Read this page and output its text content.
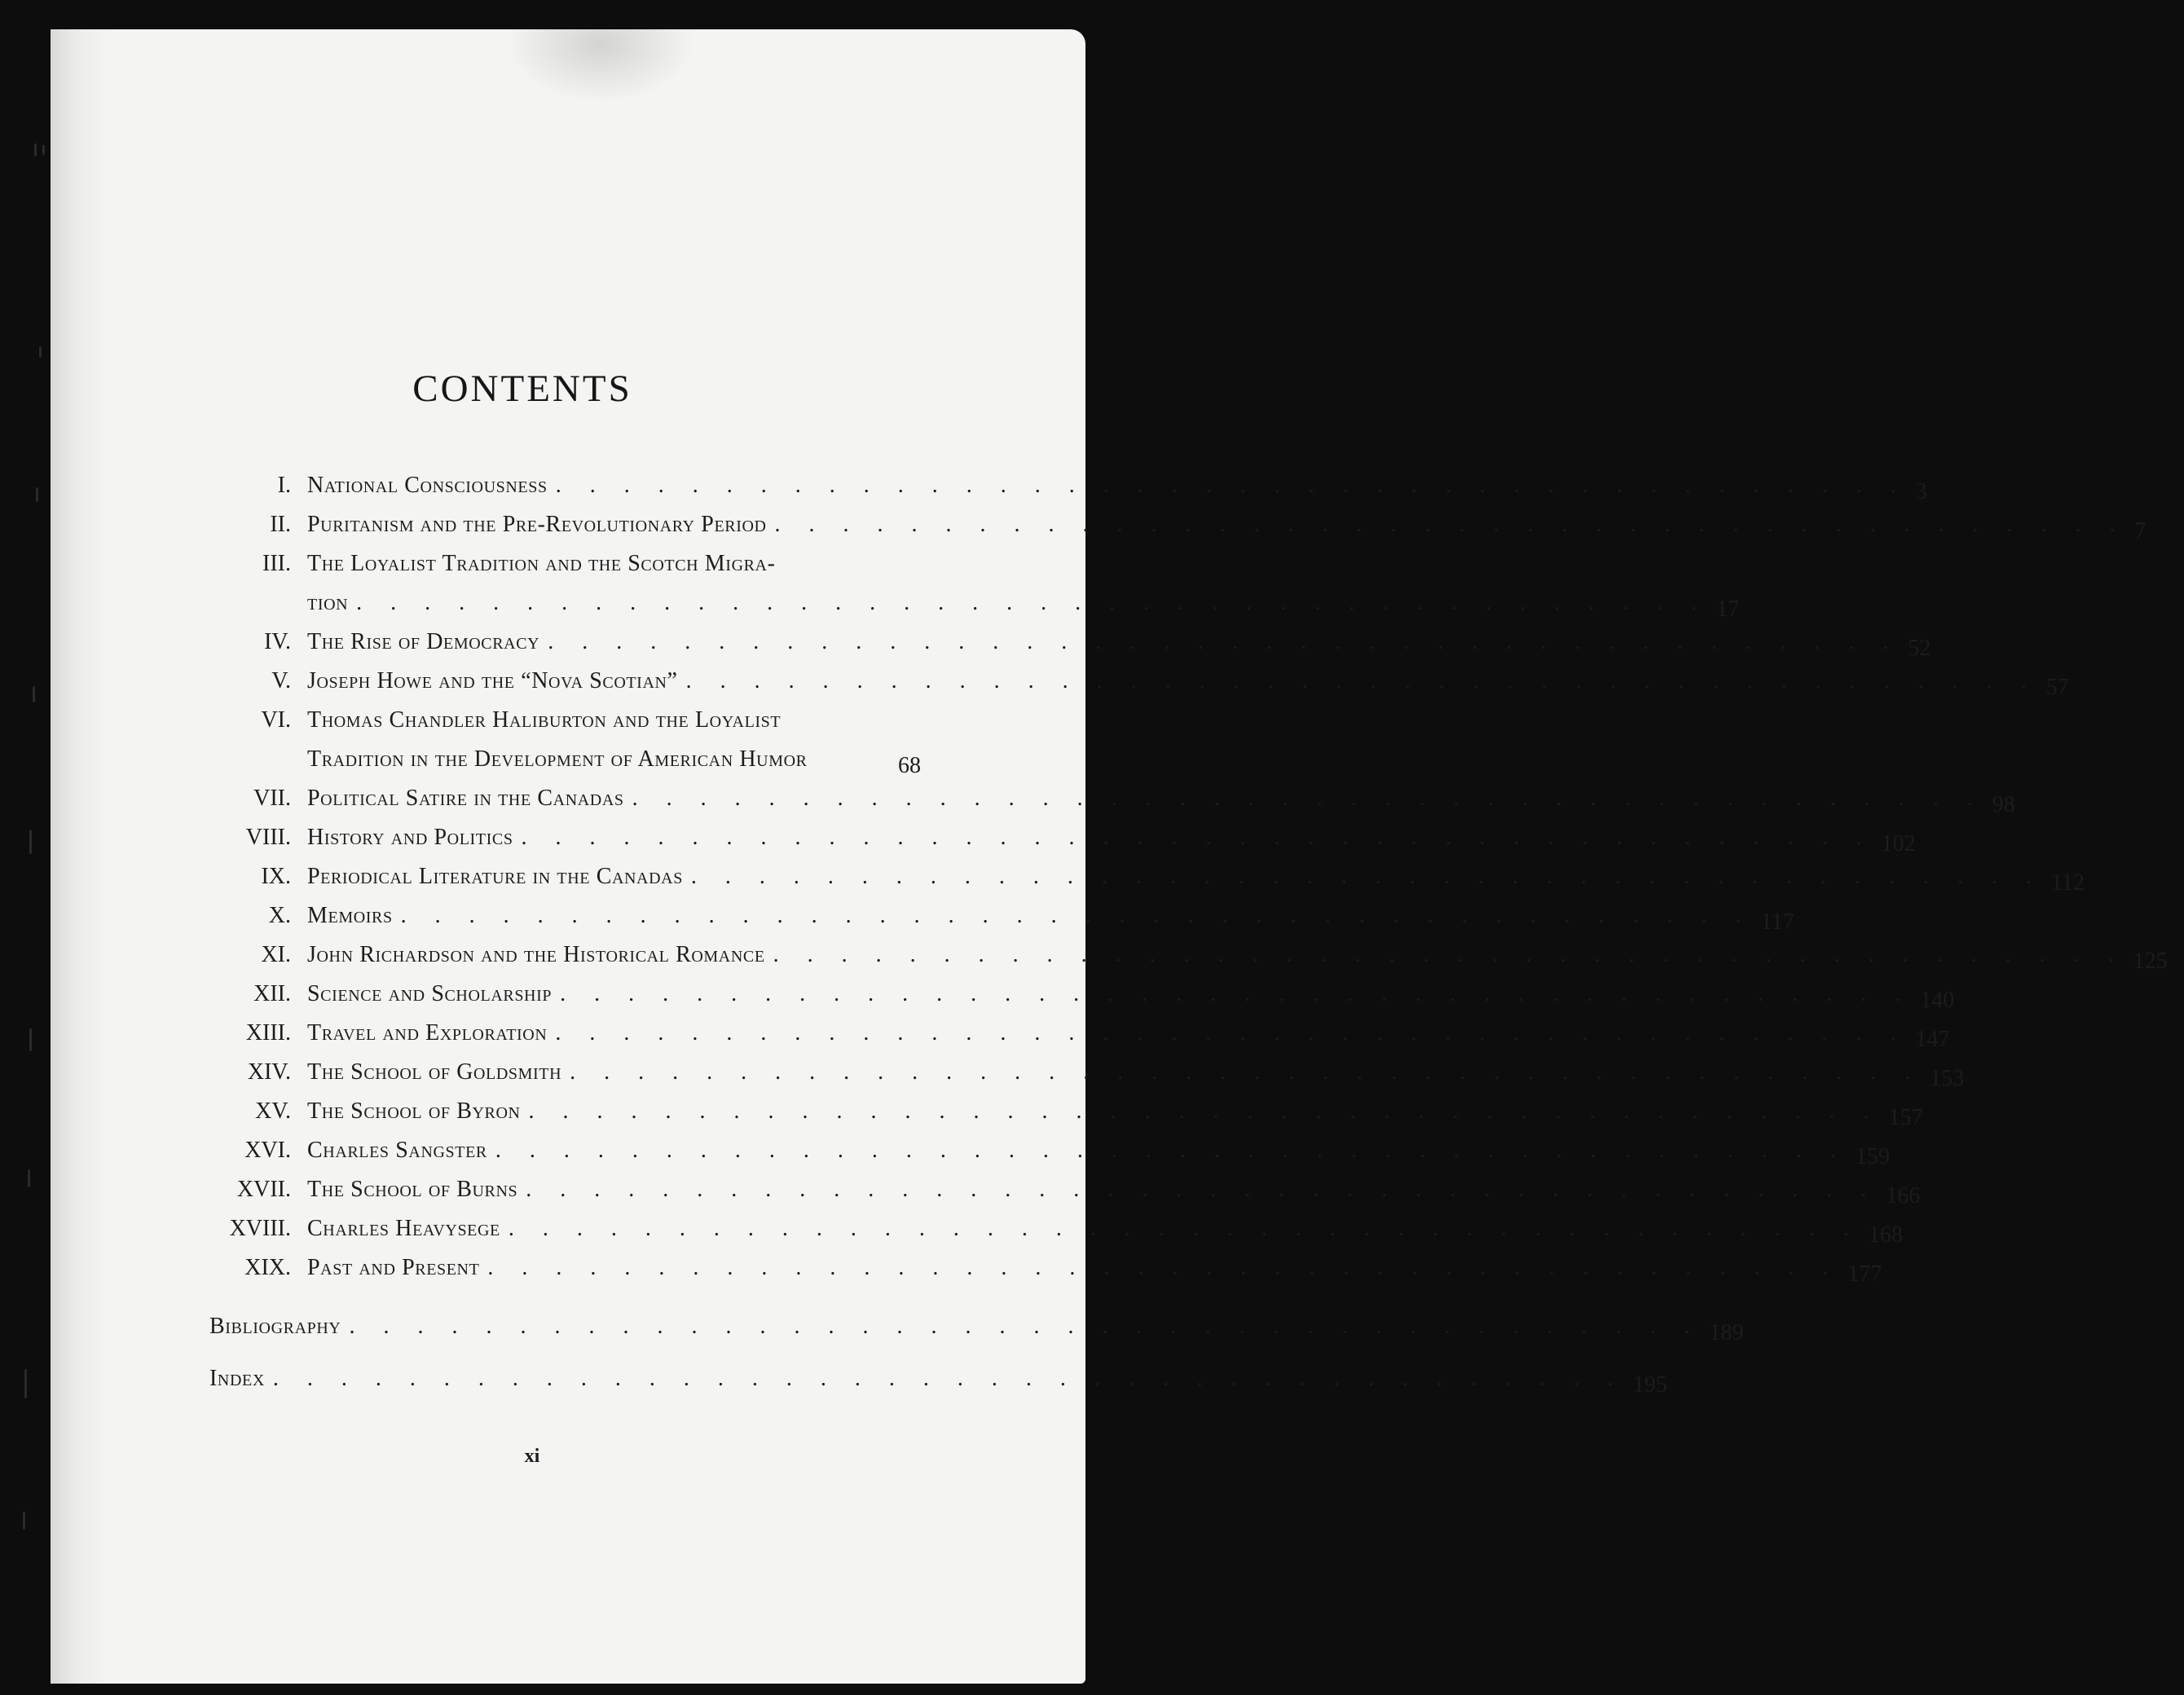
CONTENTS
I. National Consciousness . . . . . . . . . . . . . . . . . . . . . . . . . . . . . . . . . . . . . . . . 3
II. Puritanism and the Pre-Revolutionary Period . . . . . . . . . . . . . . . . . . . . . . . . . . . . . . . . . . . . . . . . 7
III. The Loyalist Tradition and the Scotch Migra-
tion . . . . . . . . . . . . . . . . . . . . . . . . . . . . . . . . . . . . . . . . 17
IV. The Rise of Democracy . . . . . . . . . . . . . . . . . . . . . . . . . . . . . . . . . . . . . . . . 52
V. Joseph Howe and the “Nova Scotian” . . . . . . . . . . . . . . . . . . . . . . . . . . . . . . . . . . . . . . . . 57
VI. Thomas Chandler Haliburton and the Loyalist
Tradition in the Development of American Humor	68
VII. Political Satire in the Canadas . . . . . . . . . . . . . . . . . . . . . . . . . . . . . . . . . . . . . . . . 98
VIII. History and Politics . . . . . . . . . . . . . . . . . . . . . . . . . . . . . . . . . . . . . . . . 102
IX. Periodical Literature in the Canadas . . . . . . . . . . . . . . . . . . . . . . . . . . . . . . . . . . . . . . . . 112
X. Memoirs . . . . . . . . . . . . . . . . . . . . . . . . . . . . . . . . . . . . . . . . 117
XI. John Richardson and the Historical Romance . . . . . . . . . . . . . . . . . . . . . . . . . . . . . . . . . . . . . . . . 125
XII. Science and Scholarship . . . . . . . . . . . . . . . . . . . . . . . . . . . . . . . . . . . . . . . . 140
XIII. Travel and Exploration . . . . . . . . . . . . . . . . . . . . . . . . . . . . . . . . . . . . . . . . 147
XIV. The School of Goldsmith . . . . . . . . . . . . . . . . . . . . . . . . . . . . . . . . . . . . . . . . 153
XV. The School of Byron . . . . . . . . . . . . . . . . . . . . . . . . . . . . . . . . . . . . . . . . 157
XVI. Charles Sangster . . . . . . . . . . . . . . . . . . . . . . . . . . . . . . . . . . . . . . . . 159
XVII. The School of Burns . . . . . . . . . . . . . . . . . . . . . . . . . . . . . . . . . . . . . . . . 166
XVIII. Charles Heavysege . . . . . . . . . . . . . . . . . . . . . . . . . . . . . . . . . . . . . . . . 168
XIX. Past and Present . . . . . . . . . . . . . . . . . . . . . . . . . . . . . . . . . . . . . . . . 177
Bibliography . . . . . . . . . . . . . . . . . . . . . . . . . . . . . . . . . . . . . . . . 189
Index . . . . . . . . . . . . . . . . . . . . . . . . . . . . . . . . . . . . . . . . 195
xi
